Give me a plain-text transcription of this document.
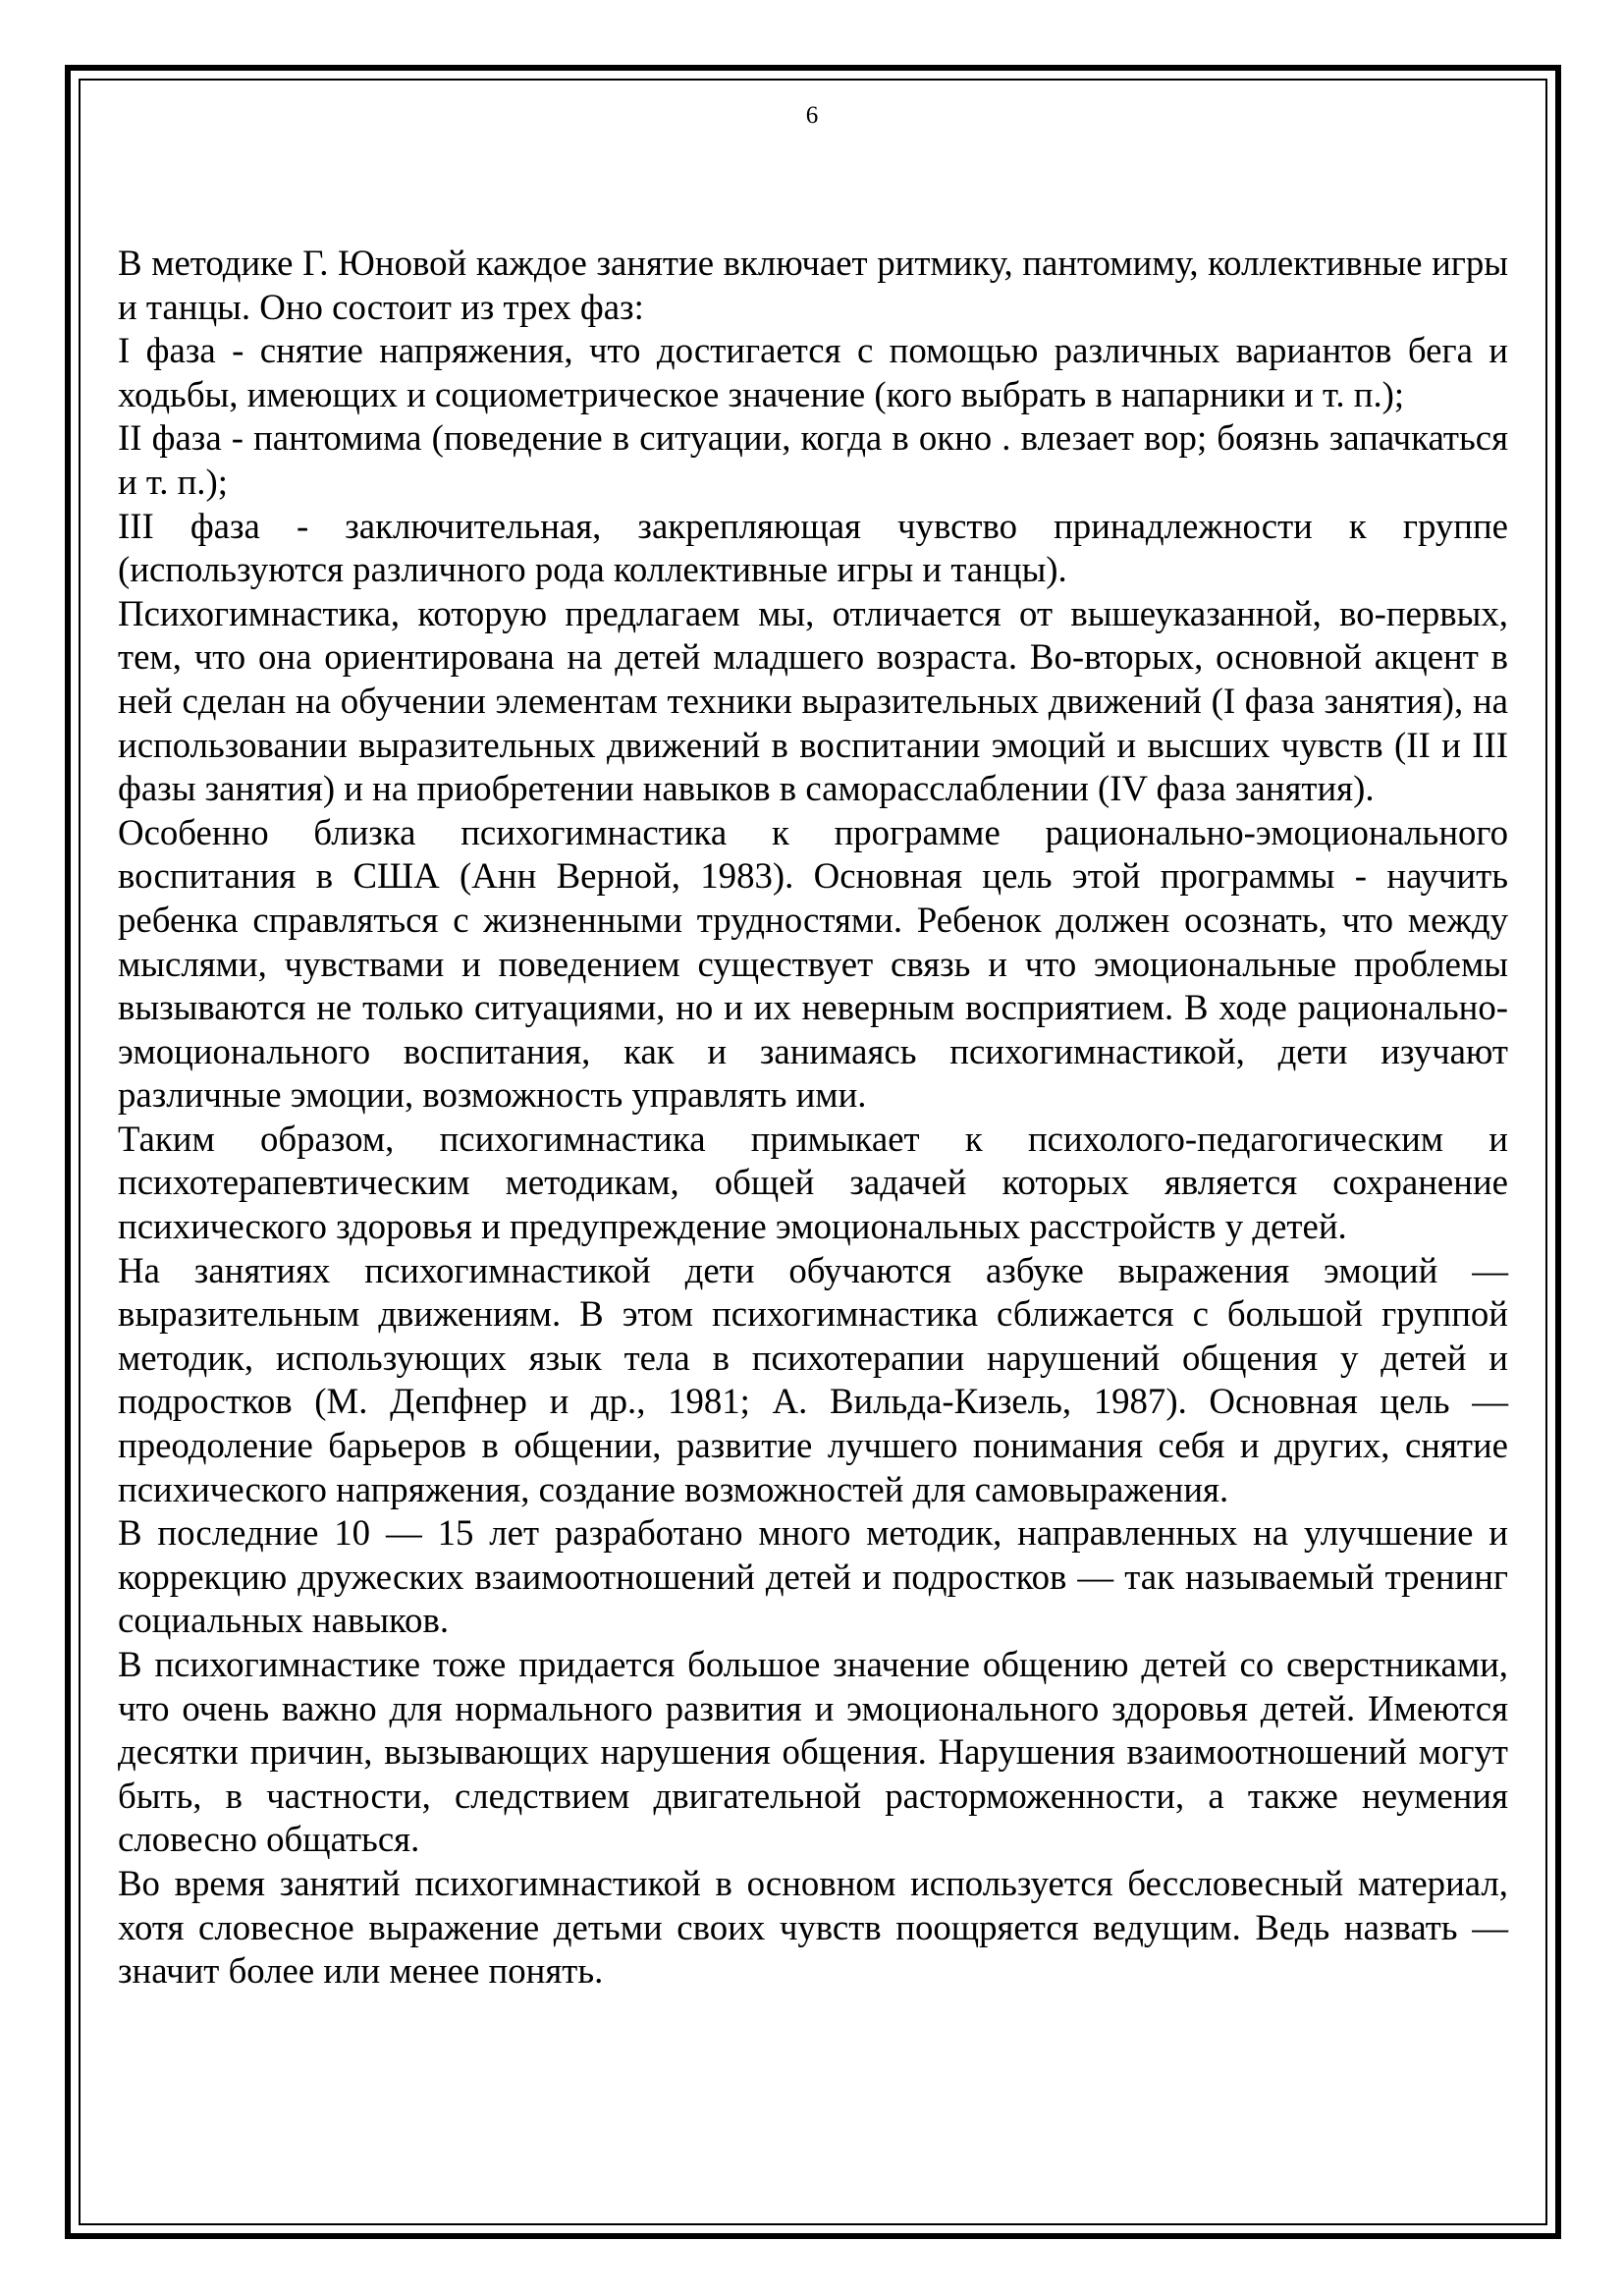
6

В методике Г. Юновой каждое занятие включает ритмику, пантомиму, коллективные игры и танцы. Оно состоит из трех фаз:

I фаза - снятие напряжения, что достигается с помощью различных вариантов бега и ходьбы, имеющих и социометрическое значение (кого выбрать в напарники и т. п.);

II фаза - пантомима (поведение в ситуации, когда в окно . влезает вор; боязнь запачкаться и т. п.);

III фаза - заключительная, закрепляющая чувство принадлежности к группе (используются различного рода коллективные игры и танцы).

Психогимнастика, которую предлагаем мы, отличается от вышеуказанной, во-первых, тем, что она ориентирована на детей младшего возраста. Во-вторых, основной акцент в ней сделан на обучении элементам техники выразительных движений (I фаза занятия), на использовании выразительных движений в воспитании эмоций и высших чувств (II и III фазы занятия) и на приобретении навыков в саморасслаблении (IV фаза занятия).

Особенно близка психогимнастика к программе рационально-эмоционального воспитания в США (Анн Верной, 1983). Основная цель этой программы - научить ребенка справляться с жизненными трудностями. Ребенок должен осознать, что между мыслями, чувствами и поведением существует связь и что эмоциональные проблемы вызываются не только ситуациями, но и их неверным восприятием. В ходе рационально-эмоционального воспитания, как и занимаясь психогимнастикой, дети изучают различные эмоции, возможность управлять ими.

Таким образом, психогимнастика примыкает к психолого-педагогическим и психотерапевтическим методикам, общей задачей которых является сохранение психического здоровья и предупреждение эмоциональных расстройств у детей.

На занятиях психогимнастикой дети обучаются азбуке выражения эмоций — выразительным движениям. В этом психогимнастика сближается с большой группой методик, использующих язык тела в психотерапии нарушений общения у детей и подростков (М. Депфнер и др., 1981; А. Вильда-Кизель, 1987). Основная цель — преодоление барьеров в общении, развитие лучшего понимания себя и других, снятие психического напряжения, создание возможностей для самовыражения.

В последние 10 — 15 лет разработано много методик, направленных на улучшение и коррекцию дружеских взаимоотношений детей и подростков — так называемый тренинг социальных навыков.

В психогимнастике тоже придается большое значение общению детей со сверстниками, что очень важно для нормального развития и эмоционального здоровья детей. Имеются десятки причин, вызывающих нарушения общения. Нарушения взаимоотношений могут быть, в частности, следствием двигательной расторможенности, а также неумения словесно общаться.

Во время занятий психогимнастикой в основном используется бессловесный материал, хотя словесное выражение детьми своих чувств поощряется ведущим. Ведь назвать — значит более или менее понять.
